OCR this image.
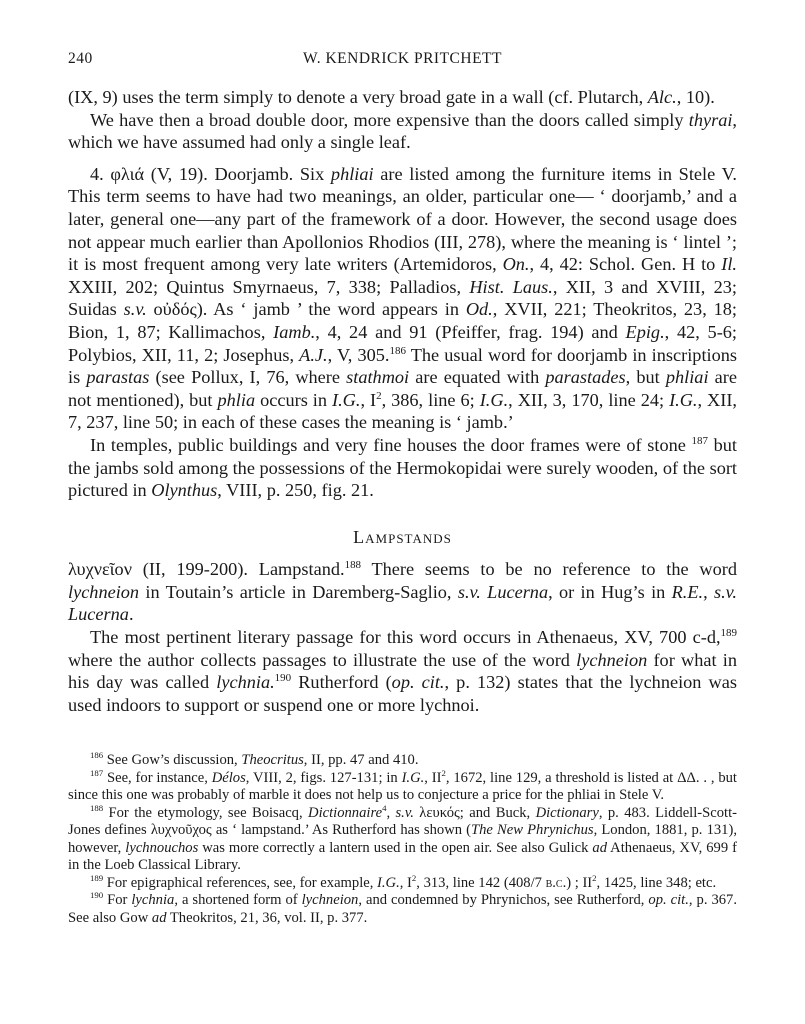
240	W. KENDRICK PRITCHETT

(IX, 9) uses the term simply to denote a very broad gate in a wall (cf. Plutarch, Alc., 10).

We have then a broad double door, more expensive than the doors called simply thyrai, which we have assumed had only a single leaf.

4. φλιά (V, 19). Doorjamb. Six phliai are listed among the furniture items in Stele V. This term seems to have had two meanings, an older, particular one— ‘ doorjamb,’ and a later, general one—any part of the framework of a door. However, the second usage does not appear much earlier than Apollonios Rhodios (III, 278), where the meaning is ‘ lintel ’; it is most frequent among very late writers (Artemidoros, On., 4, 42: Schol. Gen. H to Il. XXIII, 202; Quintus Smyrnaeus, 7, 338; Palladios, Hist. Laus., XII, 3 and XVIII, 23; Suidas s.v. οὐδός). As ‘ jamb ’ the word appears in Od., XVII, 221; Theokritos, 23, 18; Bion, 1, 87; Kallimachos, Iamb., 4, 24 and 91 (Pfeiffer, frag. 194) and Epig., 42, 5-6; Polybios, XII, 11, 2; Josephus, A.J., V, 305.$^{186}$ The usual word for doorjamb in inscriptions is parastas (see Pollux, I, 76, where stathmoi are equated with parastades, but phliai are not mentioned), but phlia occurs in I.G., $I^2$, 386, line 6; I.G., XII, 3, 170, line 24; I.G., XII, 7, 237, line 50; in each of these cases the meaning is ‘ jamb.’

In temples, public buildings and very fine houses the door frames were of stone $^{187}$ but the jambs sold among the possessions of the Hermokopidai were surely wooden, of the sort pictured in Olynthus, VIII, p. 250, fig. 21.

Lampstands

λυχνεῖον (II, 199-200). Lampstand.$^{188}$ There seems to be no reference to the word lychneion in Toutain’s article in Daremberg-Saglio, s.v. Lucerna, or in Hug’s in R.E., s.v. Lucerna.

The most pertinent literary passage for this word occurs in Athenaeus, XV, 700 c-d,$^{189}$ where the author collects passages to illustrate the use of the word lychneion for what in his day was called lychnia.$^{190}$ Rutherford (op. cit., p. 132) states that the lychneion was used indoors to support or suspend one or more lychnoi.

$^{186}$ See Gow’s discussion, Theocritus, II, pp. 47 and 410.

$^{187}$ See, for instance, Délos, VIII, 2, figs. 127-131; in I.G., $II^2$, 1672, line 129, a threshold is listed at ΔΔ. . , but since this one was probably of marble it does not help us to conjecture a price for the phliai in Stele V.

$^{188}$ For the etymology, see Boisacq, Dictionnaire$^4$, s.v. λευκός; and Buck, Dictionary, p. 483. Liddell-Scott-Jones defines λυχνοῦχος as ‘ lampstand.’ As Rutherford has shown (The New Phrynichus, London, 1881, p. 131), however, lychnouchos was more correctly a lantern used in the open air. See also Gulick ad Athenaeus, XV, 699 f in the Loeb Classical Library.

$^{189}$ For epigraphical references, see, for example, I.G., $I^2$, 313, line 142 (408/7 b.c.) ; $II^2$, 1425, line 348; etc.

$^{190}$ For lychnia, a shortened form of lychneion, and condemned by Phrynichos, see Rutherford, op. cit., p. 367. See also Gow ad Theokritos, 21, 36, vol. II, p. 377.
